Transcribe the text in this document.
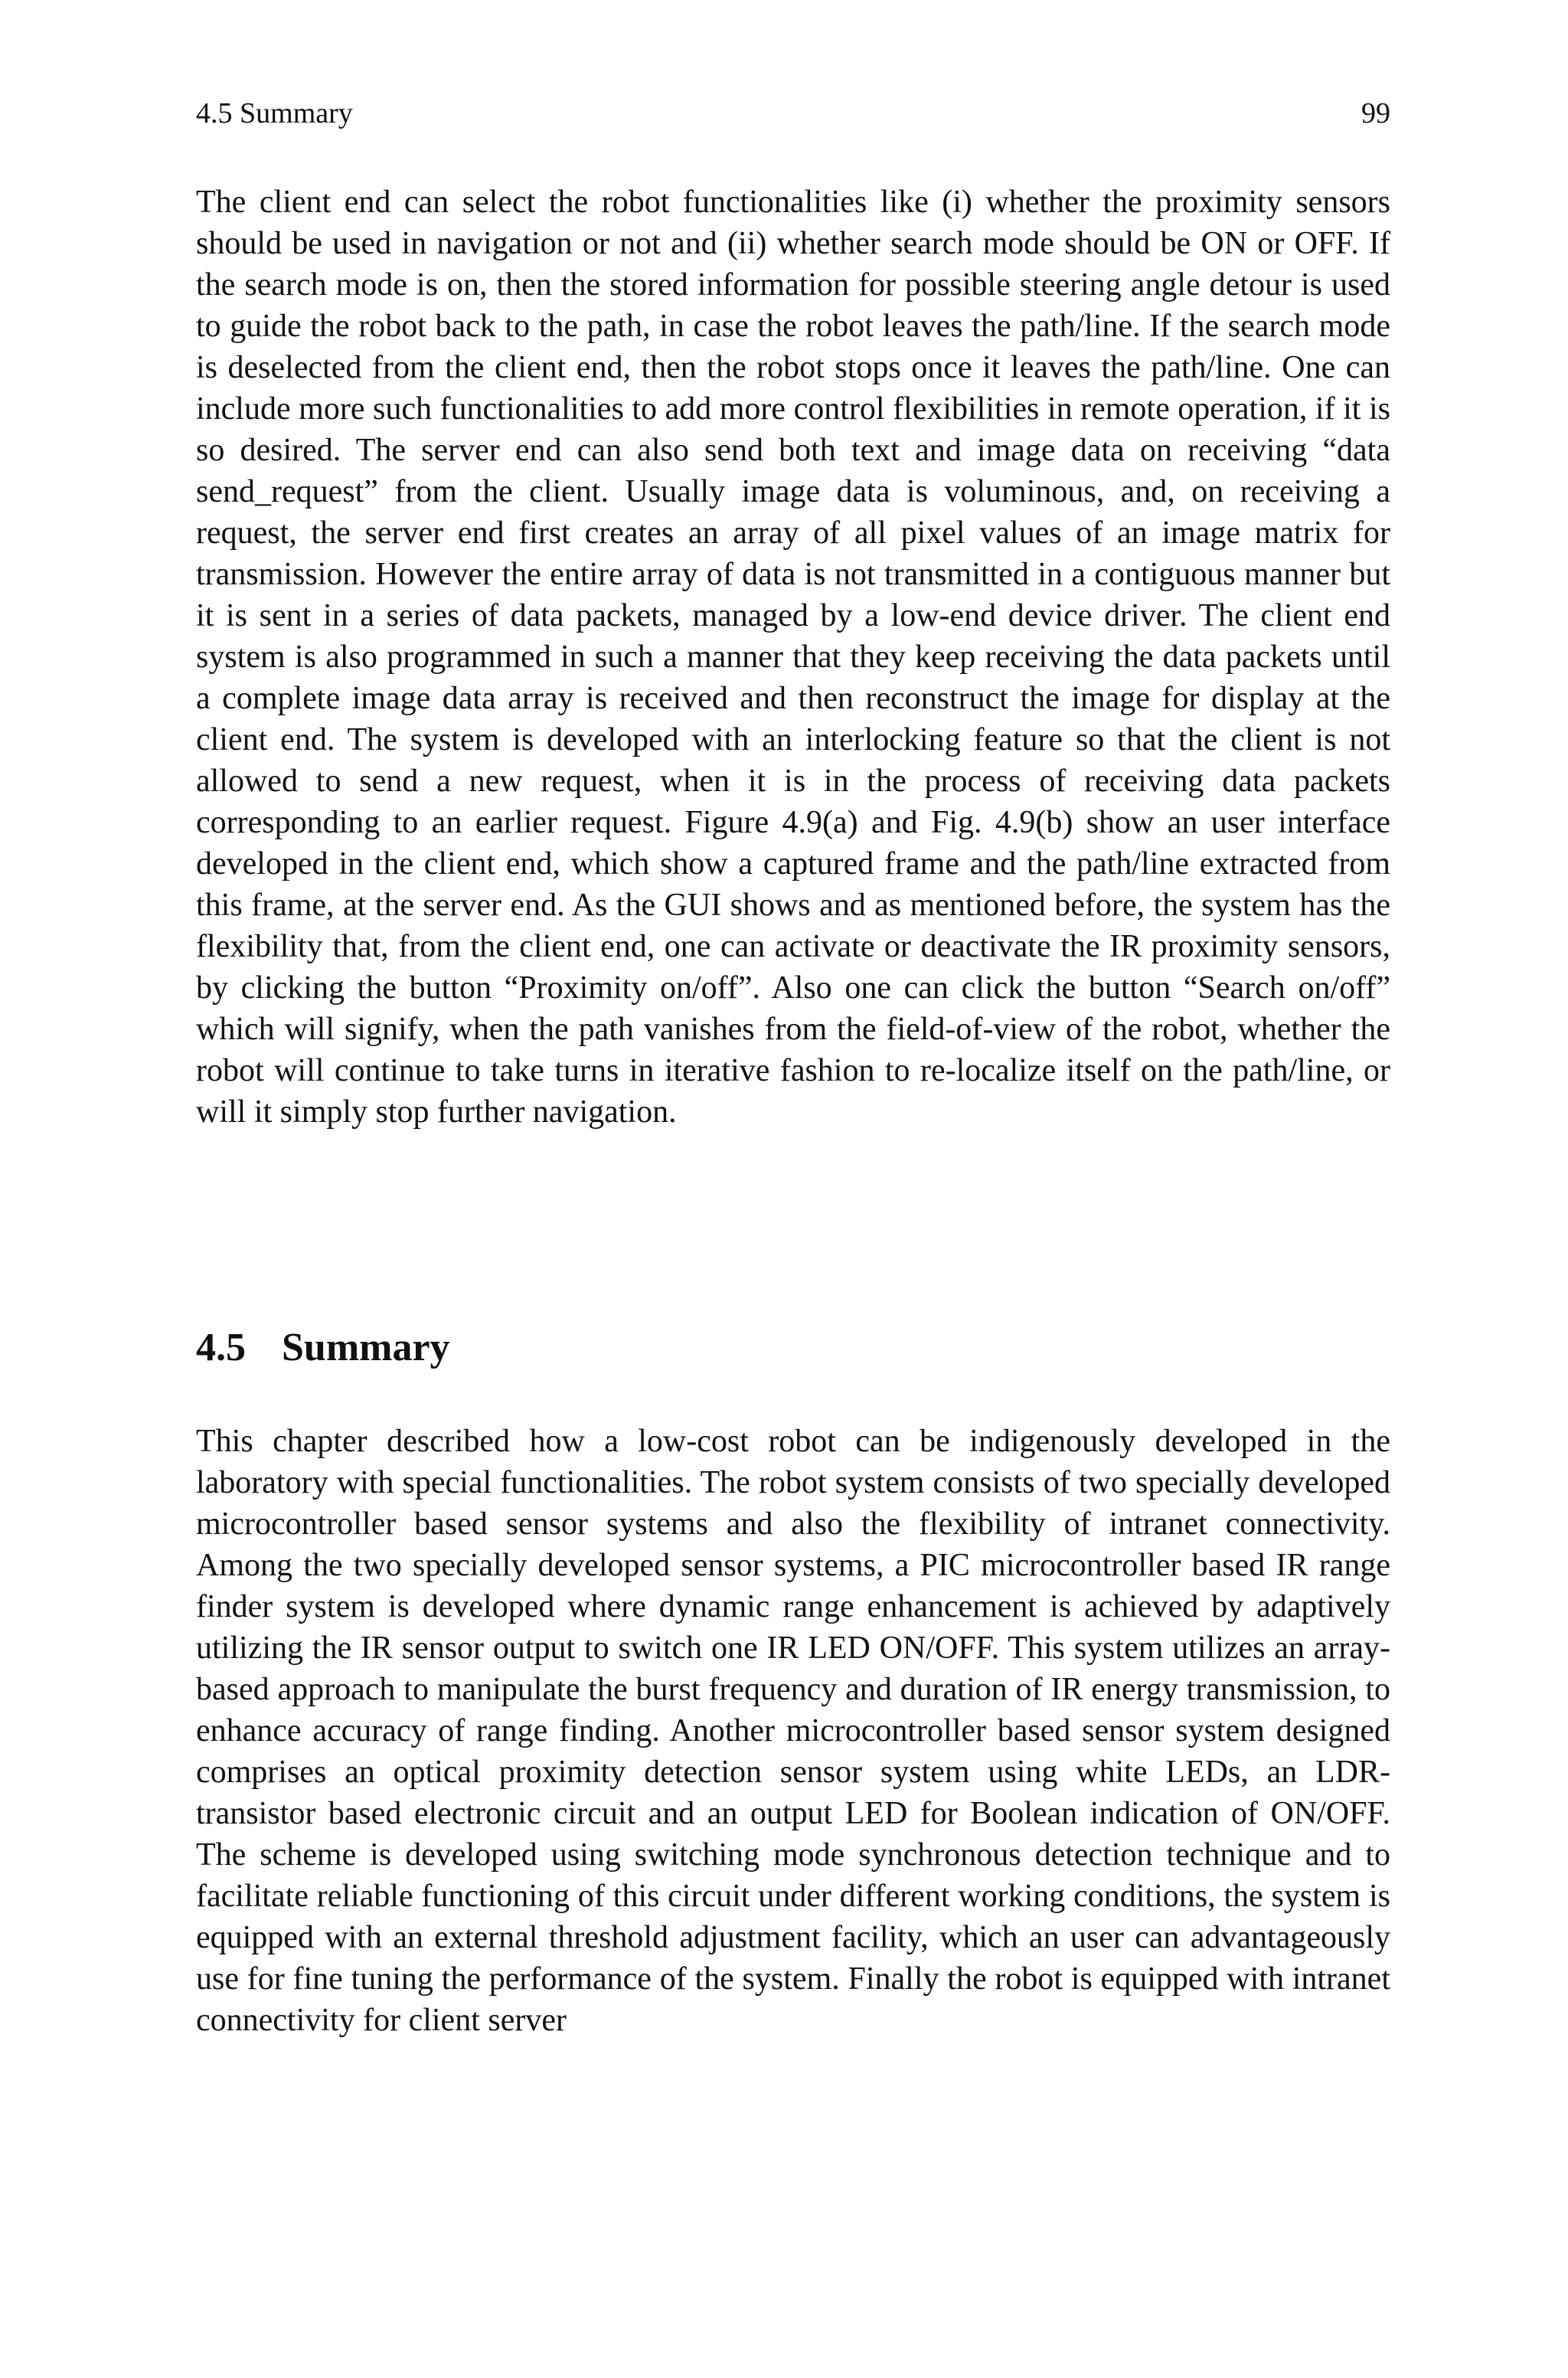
4.5 Summary	99

The client end can select the robot functionalities like (i) whether the proximity sensors should be used in navigation or not and (ii) whether search mode should be ON or OFF. If the search mode is on, then the stored information for possible steering angle detour is used to guide the robot back to the path, in case the robot leaves the path/line. If the search mode is deselected from the client end, then the robot stops once it leaves the path/line. One can include more such functionalities to add more control flexibilities in remote operation, if it is so desired. The server end can also send both text and image data on receiving “data send_request” from the client. Usually image data is voluminous, and, on receiving a request, the server end first creates an array of all pixel values of an image matrix for transmission. However the entire array of data is not transmitted in a contiguous manner but it is sent in a series of data packets, managed by a low-end device driver. The client end system is also programmed in such a manner that they keep receiving the data packets until a complete image data array is received and then reconstruct the image for display at the client end. The system is developed with an interlocking feature so that the client is not allowed to send a new request, when it is in the process of receiving data packets corresponding to an earlier request. Figure 4.9(a) and Fig. 4.9(b) show an user interface developed in the client end, which show a captured frame and the path/line extracted from this frame, at the server end. As the GUI shows and as mentioned before, the system has the flexibility that, from the client end, one can activate or deactivate the IR proximity sensors, by clicking the button “Proximity on/off”. Also one can click the button “Search on/off” which will signify, when the path vanishes from the field-of-view of the robot, whether the robot will continue to take turns in iterative fashion to re-localize itself on the path/line, or will it simply stop further navigation.

4.5 Summary

This chapter described how a low-cost robot can be indigenously developed in the laboratory with special functionalities. The robot system consists of two specially developed microcontroller based sensor systems and also the flexibility of intranet connectivity. Among the two specially developed sensor systems, a PIC microcontroller based IR range finder system is developed where dynamic range enhancement is achieved by adaptively utilizing the IR sensor output to switch one IR LED ON/OFF. This system utilizes an array-based approach to manipulate the burst frequency and duration of IR energy transmission, to enhance accuracy of range finding. Another microcontroller based sensor system designed comprises an optical proximity detection sensor system using white LEDs, an LDR-transistor based electronic circuit and an output LED for Boolean indication of ON/OFF. The scheme is developed using switching mode synchronous detection technique and to facilitate reliable functioning of this circuit under different working conditions, the system is equipped with an external threshold adjustment facility, which an user can advantageously use for fine tuning the performance of the system. Finally the robot is equipped with intranet connectivity for client server
